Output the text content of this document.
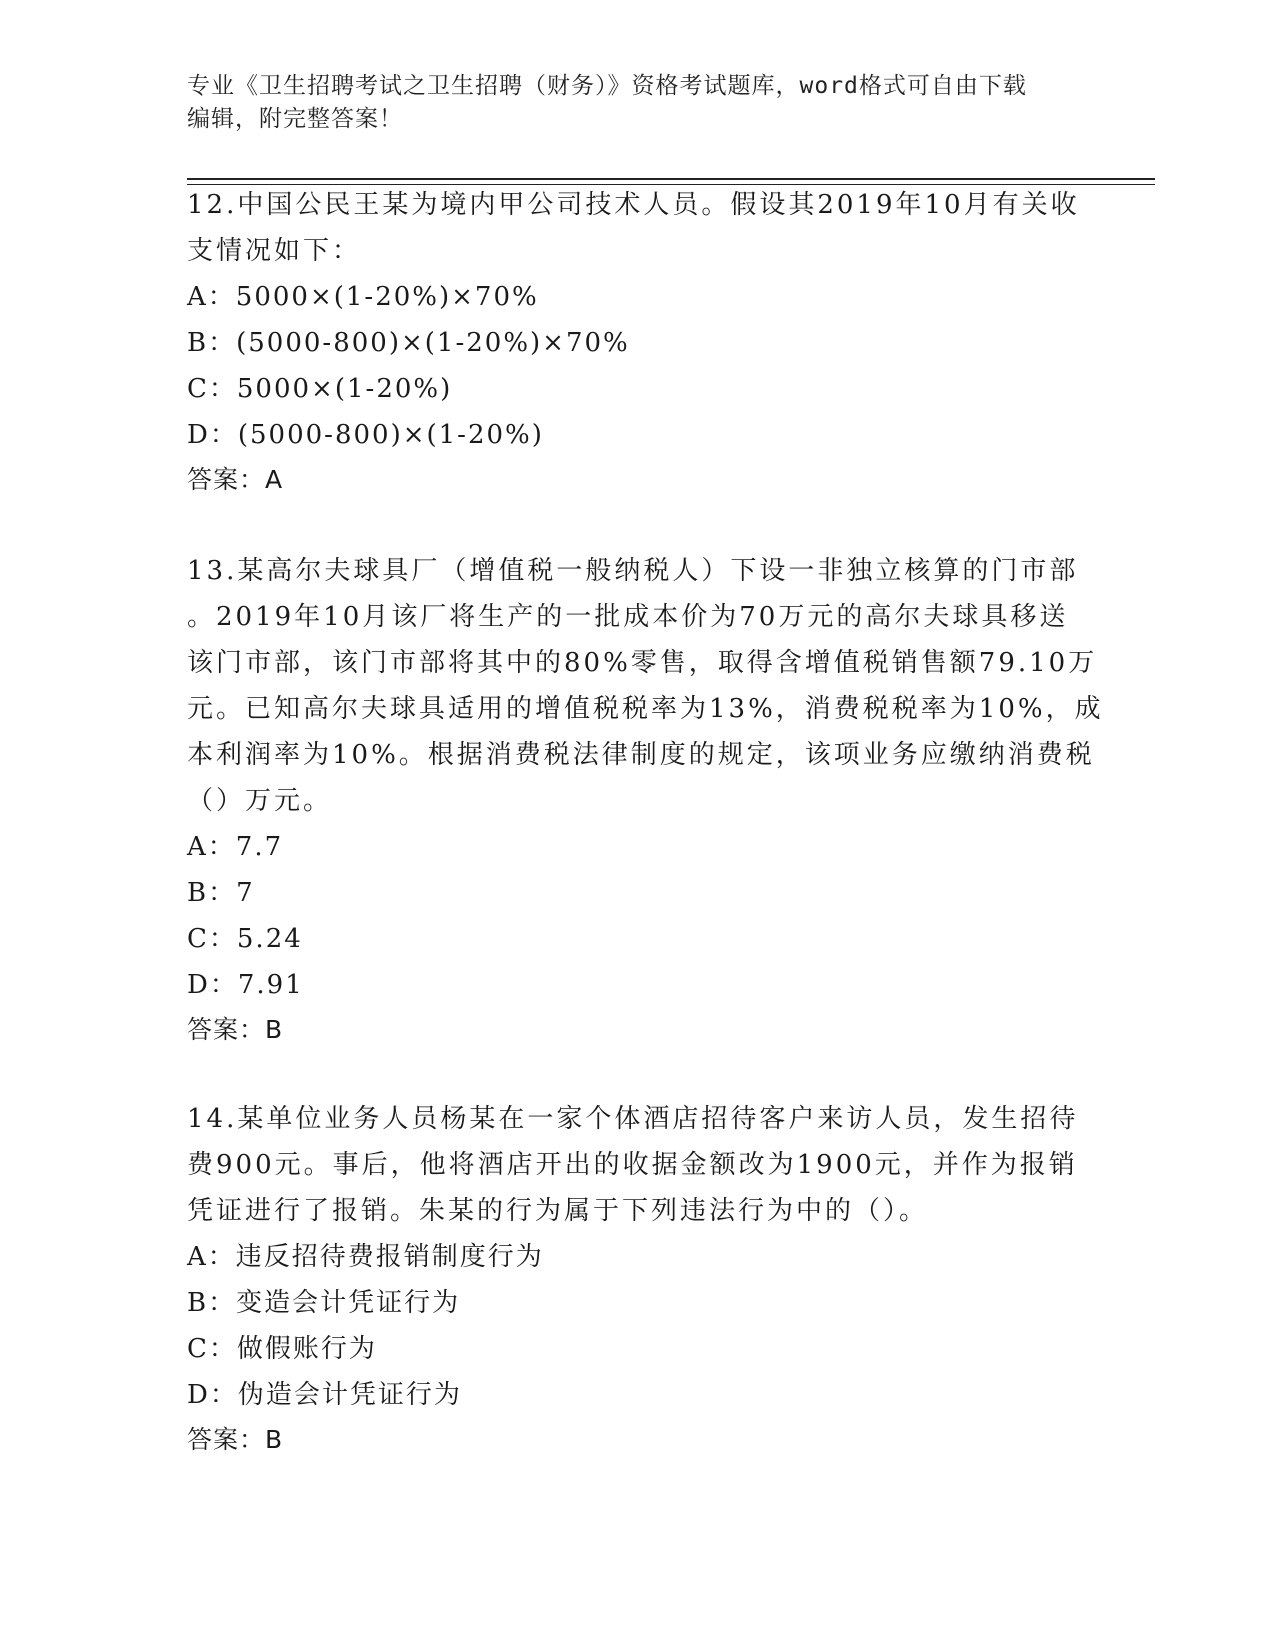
专业《卫生招聘考试之卫生招聘（财务）》资格考试题库，word格式可自由下载
编辑，附完整答案！
12.中国公民王某为境内甲公司技术人员。假设其2019年10月有关收
支情况如下：
A：5000×(1-20%)×70%
B：(5000-800)×(1-20%)×70%
C：5000×(1-20%)
D：(5000-800)×(1-20%)
答案：A
13.某高尔夫球具厂（增值税一般纳税人）下设一非独立核算的门市部
。2019年10月该厂将生产的一批成本价为70万元的高尔夫球具移送
该门市部，该门市部将其中的80%零售，取得含增值税销售额79.10万
元。已知高尔夫球具适用的增值税税率为13%，消费税税率为10%，成
本利润率为10%。根据消费税法律制度的规定，该项业务应缴纳消费税
（）万元。
A：7.7
B：7
C：5.24
D：7.91
答案：B
14.某单位业务人员杨某在一家个体酒店招待客户来访人员，发生招待
费900元。事后，他将酒店开出的收据金额改为1900元，并作为报销
凭证进行了报销。朱某的行为属于下列违法行为中的（）。
A：违反招待费报销制度行为
B：变造会计凭证行为
C：做假账行为
D：伪造会计凭证行为
答案：B
